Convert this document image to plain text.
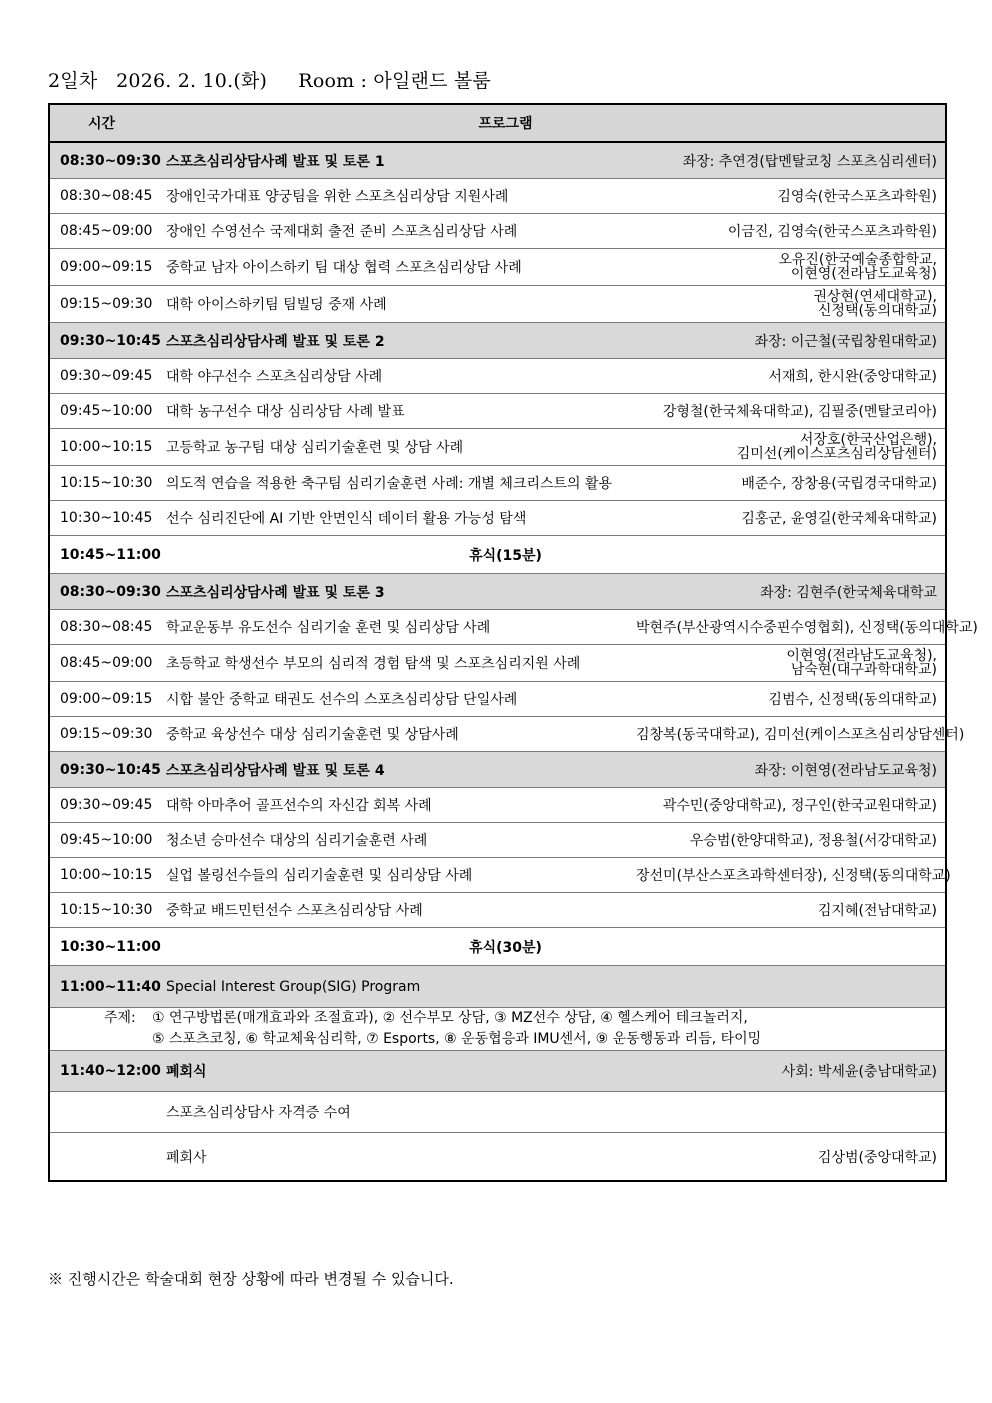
2일차   2026. 2. 10.(화)     Room : 아일랜드 볼룸
시간	프로그램	
08:30~09:30	스포츠심리상담사례 발표 및 토론 1	좌장: 추연경(탑멘탈코칭 스포츠심리센터)
08:30~08:45	장애인국가대표 양궁팀을 위한 스포츠심리상담 지원사례	김영숙(한국스포츠과학원)
08:45~09:00	장애인 수영선수 국제대회 출전 준비 스포츠심리상담 사례	이금진, 김영숙(한국스포츠과학원)
09:00~09:15	중학교 남자 아이스하키 팀 대상 협력 스포츠심리상담 사례	오유진(한국예술종합학교,
이현영(전라남도교육청)

09:15~09:30	대학 아이스하키팀 팀빌딩 중재 사례	권상현(연세대학교),
신정택(동의대학교)

09:30~10:45	스포츠심리상담사례 발표 및 토론 2	좌장: 이근철(국립창원대학교)
09:30~09:45	대학 야구선수 스포츠심리상담 사례	서재희, 한시완(중앙대학교)
09:45~10:00	대학 농구선수 대상 심리상담 사례 발표	강형철(한국체육대학교), 김필중(멘탈코리아)
10:00~10:15	고등학교 농구팀 대상 심리기술훈련 및 상담 사례	서장호(한국산업은행),
김미선(케이스포츠심리상담센터)

10:15~10:30	의도적 연습을 적용한 축구팀 심리기술훈련 사례: 개별 체크리스트의 활용	배준수, 장창용(국립경국대학교)
10:30~10:45	선수 심리진단에 AI 기반 안면인식 데이터 활용 가능성 탐색	김홍군, 윤영길(한국체육대학교)
10:45~11:00	휴식(15분)	
08:30~09:30	스포츠심리상담사례 발표 및 토론 3	좌장: 김현주(한국체육대학교
08:30~08:45	학교운동부 유도선수 심리기술 훈련 및 심리상담 사례	박현주(부산광역시수중핀수영협회), 신정택(동의대학교)
08:45~09:00	초등학교 학생선수 부모의 심리적 경험 탐색 및 스포츠심리지원 사례	이현영(전라남도교육청),
남숙현(대구과학대학교)

09:00~09:15	시합 불안 중학교 태권도 선수의 스포츠심리상담 단일사례	김범수, 신정택(동의대학교)
09:15~09:30	중학교 육상선수 대상 심리기술훈련 및 상담사례	김창복(동국대학교), 김미선(케이스포츠심리상담센터)
09:30~10:45	스포츠심리상담사례 발표 및 토론 4	좌장: 이현영(전라남도교육청)
09:30~09:45	대학 아마추어 골프선수의 자신감 회복 사례	곽수민(중앙대학교), 정구인(한국교원대학교)
09:45~10:00	청소년 승마선수 대상의 심리기술훈련 사례	우승범(한양대학교), 정용철(서강대학교)
10:00~10:15	실업 볼링선수들의 심리기술훈련 및 심리상담 사례	장선미(부산스포츠과학센터장), 신정택(동의대학교)
10:15~10:30	중학교 배드민턴선수 스포츠심리상담 사례	김지혜(전남대학교)
10:30~11:00	휴식(30분)	
11:00~11:40	Special Interest Group(SIG) Program	

	주제: ① 연구방법론(매개효과와 조절효과), ② 선수부모 상담, ③ MZ선수 상담, ④ 헬스케어 테크놀러지,
⑤ 스포츠코칭, ⑥ 학교체육심리학, ⑦ Esports, ⑧ 운동협응과 IMU센서, ⑨ 운동행동과 리듬, 타이밍	

11:40~12:00	폐회식	사회: 박세윤(충남대학교)
	스포츠심리상담사 자격증 수여	
	폐회사	김상범(중앙대학교)
※ 진행시간은 학술대회 현장 상황에 따라 변경될 수 있습니다.
